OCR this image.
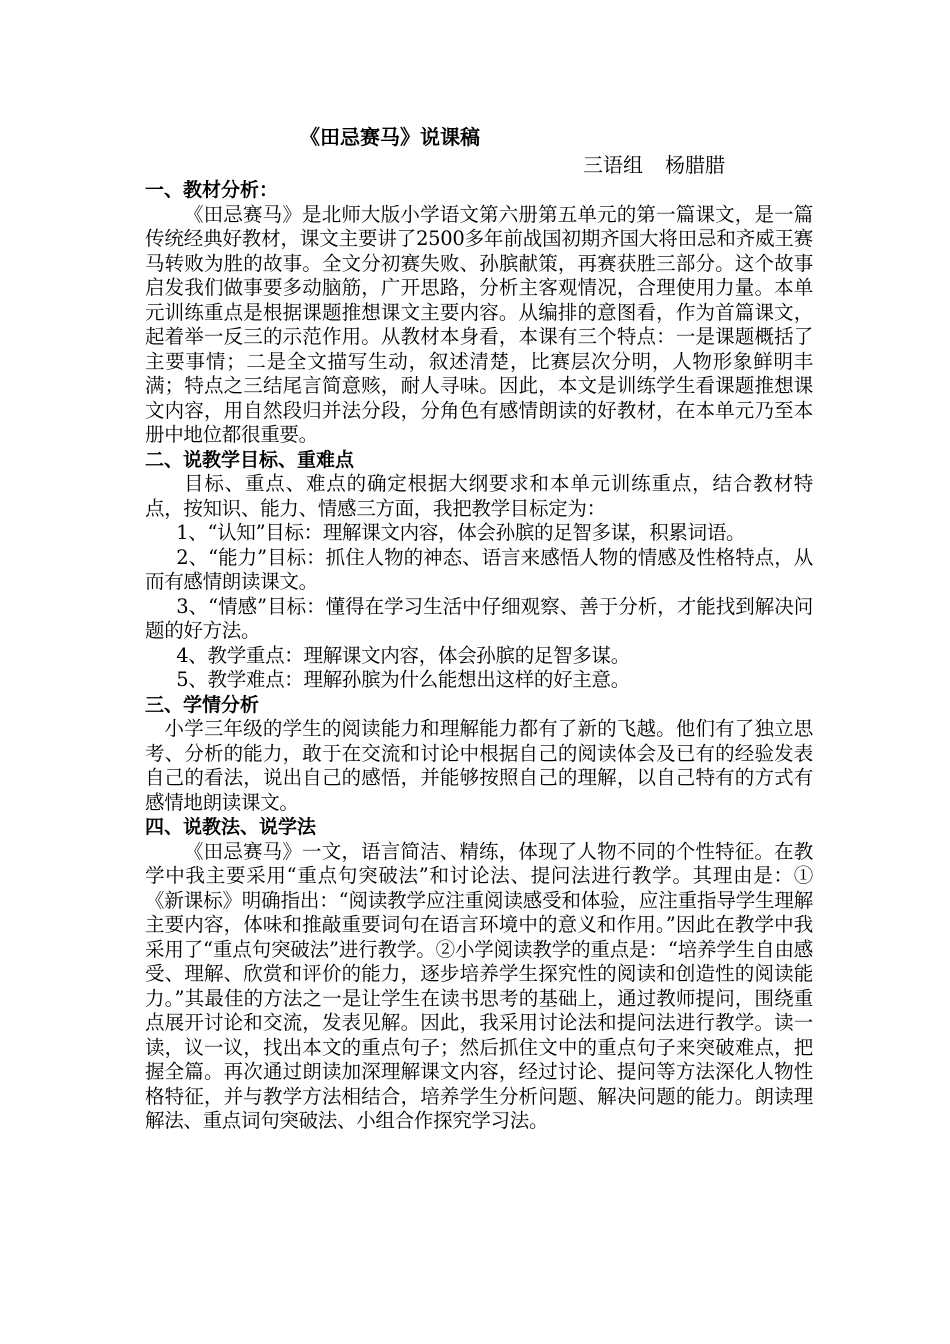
《田忌赛马》说课稿
三语组 杨腊腊
一、教材分析：

《田忌赛马》是北师大版小学语文第六册第五单元的第一篇课文，是一篇传统经典好教材，课文主要讲了2500多年前战国初期齐国大将田忌和齐威王赛马转败为胜的故事。全文分初赛失败、孙膑献策，再赛获胜三部分。这个故事启发我们做事要多动脑筋，广开思路，分析主客观情况，合理使用力量。本单元训练重点是根据课题推想课文主要内容。从编排的意图看，作为首篇课文，起着举一反三的示范作用。从教材本身看，本课有三个特点：一是课题概括了主要事情；二是全文描写生动，叙述清楚，比赛层次分明，人物形象鲜明丰满；特点之三结尾言简意赅，耐人寻味。因此，本文是训练学生看课题推想课文内容，用自然段归并法分段，分角色有感情朗读的好教材，在本单元乃至本册中地位都很重要。

二、说教学目标、重难点

目标、重点、难点的确定根据大纲要求和本单元训练重点，结合教材特点，按知识、能力、情感三方面，我把教学目标定为：

1、“认知”目标：理解课文内容，体会孙膑的足智多谋，积累词语。

2、“能力”目标：抓住人物的神态、语言来感悟人物的情感及性格特点，从而有感情朗读课文。

3、“情感”目标：懂得在学习生活中仔细观察、善于分析，才能找到解决问题的好方法。

4、教学重点：理解课文内容，体会孙膑的足智多谋。

5、教学难点：理解孙膑为什么能想出这样的好主意。

三、学情分析

小学三年级的学生的阅读能力和理解能力都有了新的飞越。他们有了独立思考、分析的能力，敢于在交流和讨论中根据自己的阅读体会及已有的经验发表自己的看法，说出自己的感悟，并能够按照自己的理解，以自己特有的方式有感情地朗读课文。

四、说教法、说学法

《田忌赛马》一文，语言简洁、精练，体现了人物不同的个性特征。在教学中我主要采用“重点句突破法”和讨论法、提问法进行教学。其理由是：①《新课标》明确指出：“阅读教学应注重阅读感受和体验，应注重指导学生理解主要内容，体味和推敲重要词句在语言环境中的意义和作用。”因此在教学中我采用了“重点句突破法”进行教学。②小学阅读教学的重点是：“培养学生自由感受、理解、欣赏和评价的能力，逐步培养学生探究性的阅读和创造性的阅读能力。”其最佳的方法之一是让学生在读书思考的基础上，通过教师提问，围绕重点展开讨论和交流，发表见解。因此，我采用讨论法和提问法进行教学。读一读，议一议，找出本文的重点句子；然后抓住文中的重点句子来突破难点，把握全篇。再次通过朗读加深理解课文内容，经过讨论、提问等方法深化人物性格特征，并与教学方法相结合，培养学生分析问题、解决问题的能力。朗读理解法、重点词句突破法、小组合作探究学习法。
